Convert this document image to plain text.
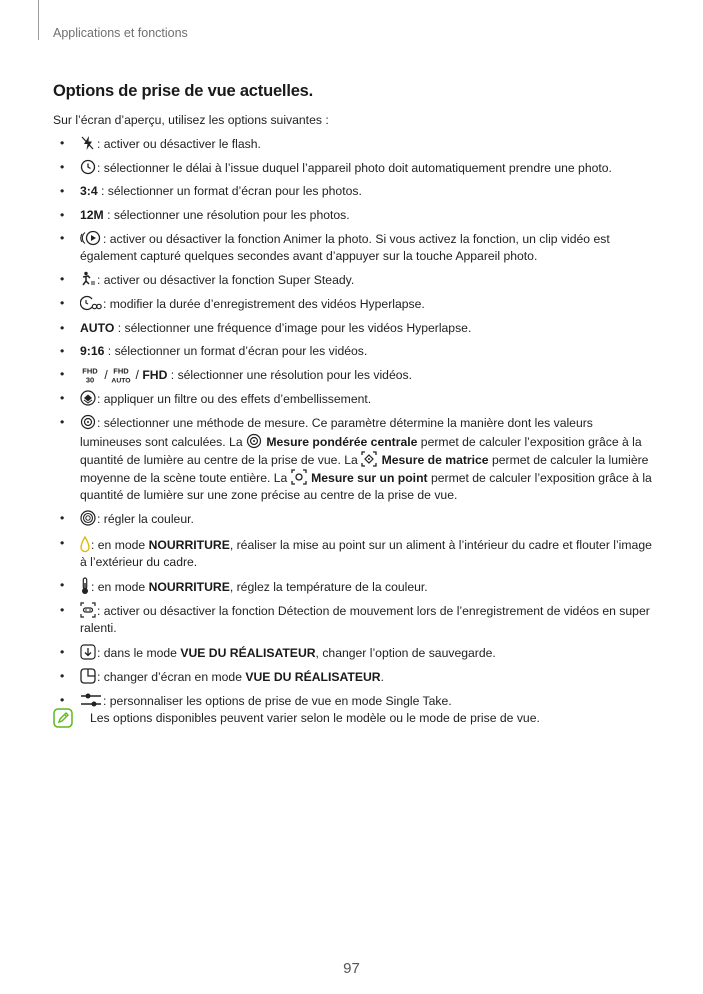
Applications et fonctions
Options de prise de vue actuelles.
Sur l’écran d’aperçu, utilisez les options suivantes :
•	: activer ou désactiver le flash.
•	: sélectionner le délai à l’issue duquel l’appareil photo doit automatiquement prendre une photo.
• 3:4 : sélectionner un format d’écran pour les photos.
• 12M : sélectionner une résolution pour les photos.
•	: activer ou désactiver la fonction Animer la photo. Si vous activez la fonction, un clip vidéo est également capturé quelques secondes avant d’appuyer sur la touche Appareil photo.
•	: activer ou désactiver la fonction Super Steady.
•	: modifier la durée d’enregistrement des vidéos Hyperlapse.
• AUTO : sélectionner une fréquence d’image pour les vidéos Hyperlapse.
• 9:16 : sélectionner un format d’écran pour les vidéos.
• FHD
30 / FHD
AUTO / FHD : sélectionner une résolution pour les vidéos.
•	: appliquer un filtre ou des effets d’embellissement.
•	: sélectionner une méthode de mesure. Ce paramètre détermine la manière dont les valeurs lumineuses sont calculées. La
Mesure pondérée centrale permet de calculer l’exposition grâce à la quantité de lumière au centre de la prise de vue. La
Mesure de matrice permet de calculer la lumière moyenne de la scène toute entière. La
Mesure sur un point permet de calculer l’exposition grâce à la quantité de lumière sur une zone précise au centre de la prise de vue.
•	: régler la couleur.
• : en mode NOURRITURE, réaliser la mise au point sur un aliment à l’intérieur du cadre et flouter l’image à l’extérieur du cadre.
• : en mode NOURRITURE, réglez la température de la couleur.
•	: activer ou désactiver la fonction Détection de mouvement lors de l’enregistrement de vidéos en super ralenti.
•	: dans le mode VUE DU RÉALISATEUR, changer l’option de sauvegarde.
•	: changer d’écran en mode VUE DU RÉALISATEUR.
•	: personnaliser les options de prise de vue en mode Single Take.
Les options disponibles peuvent varier selon le modèle ou le mode de prise de vue.
97
